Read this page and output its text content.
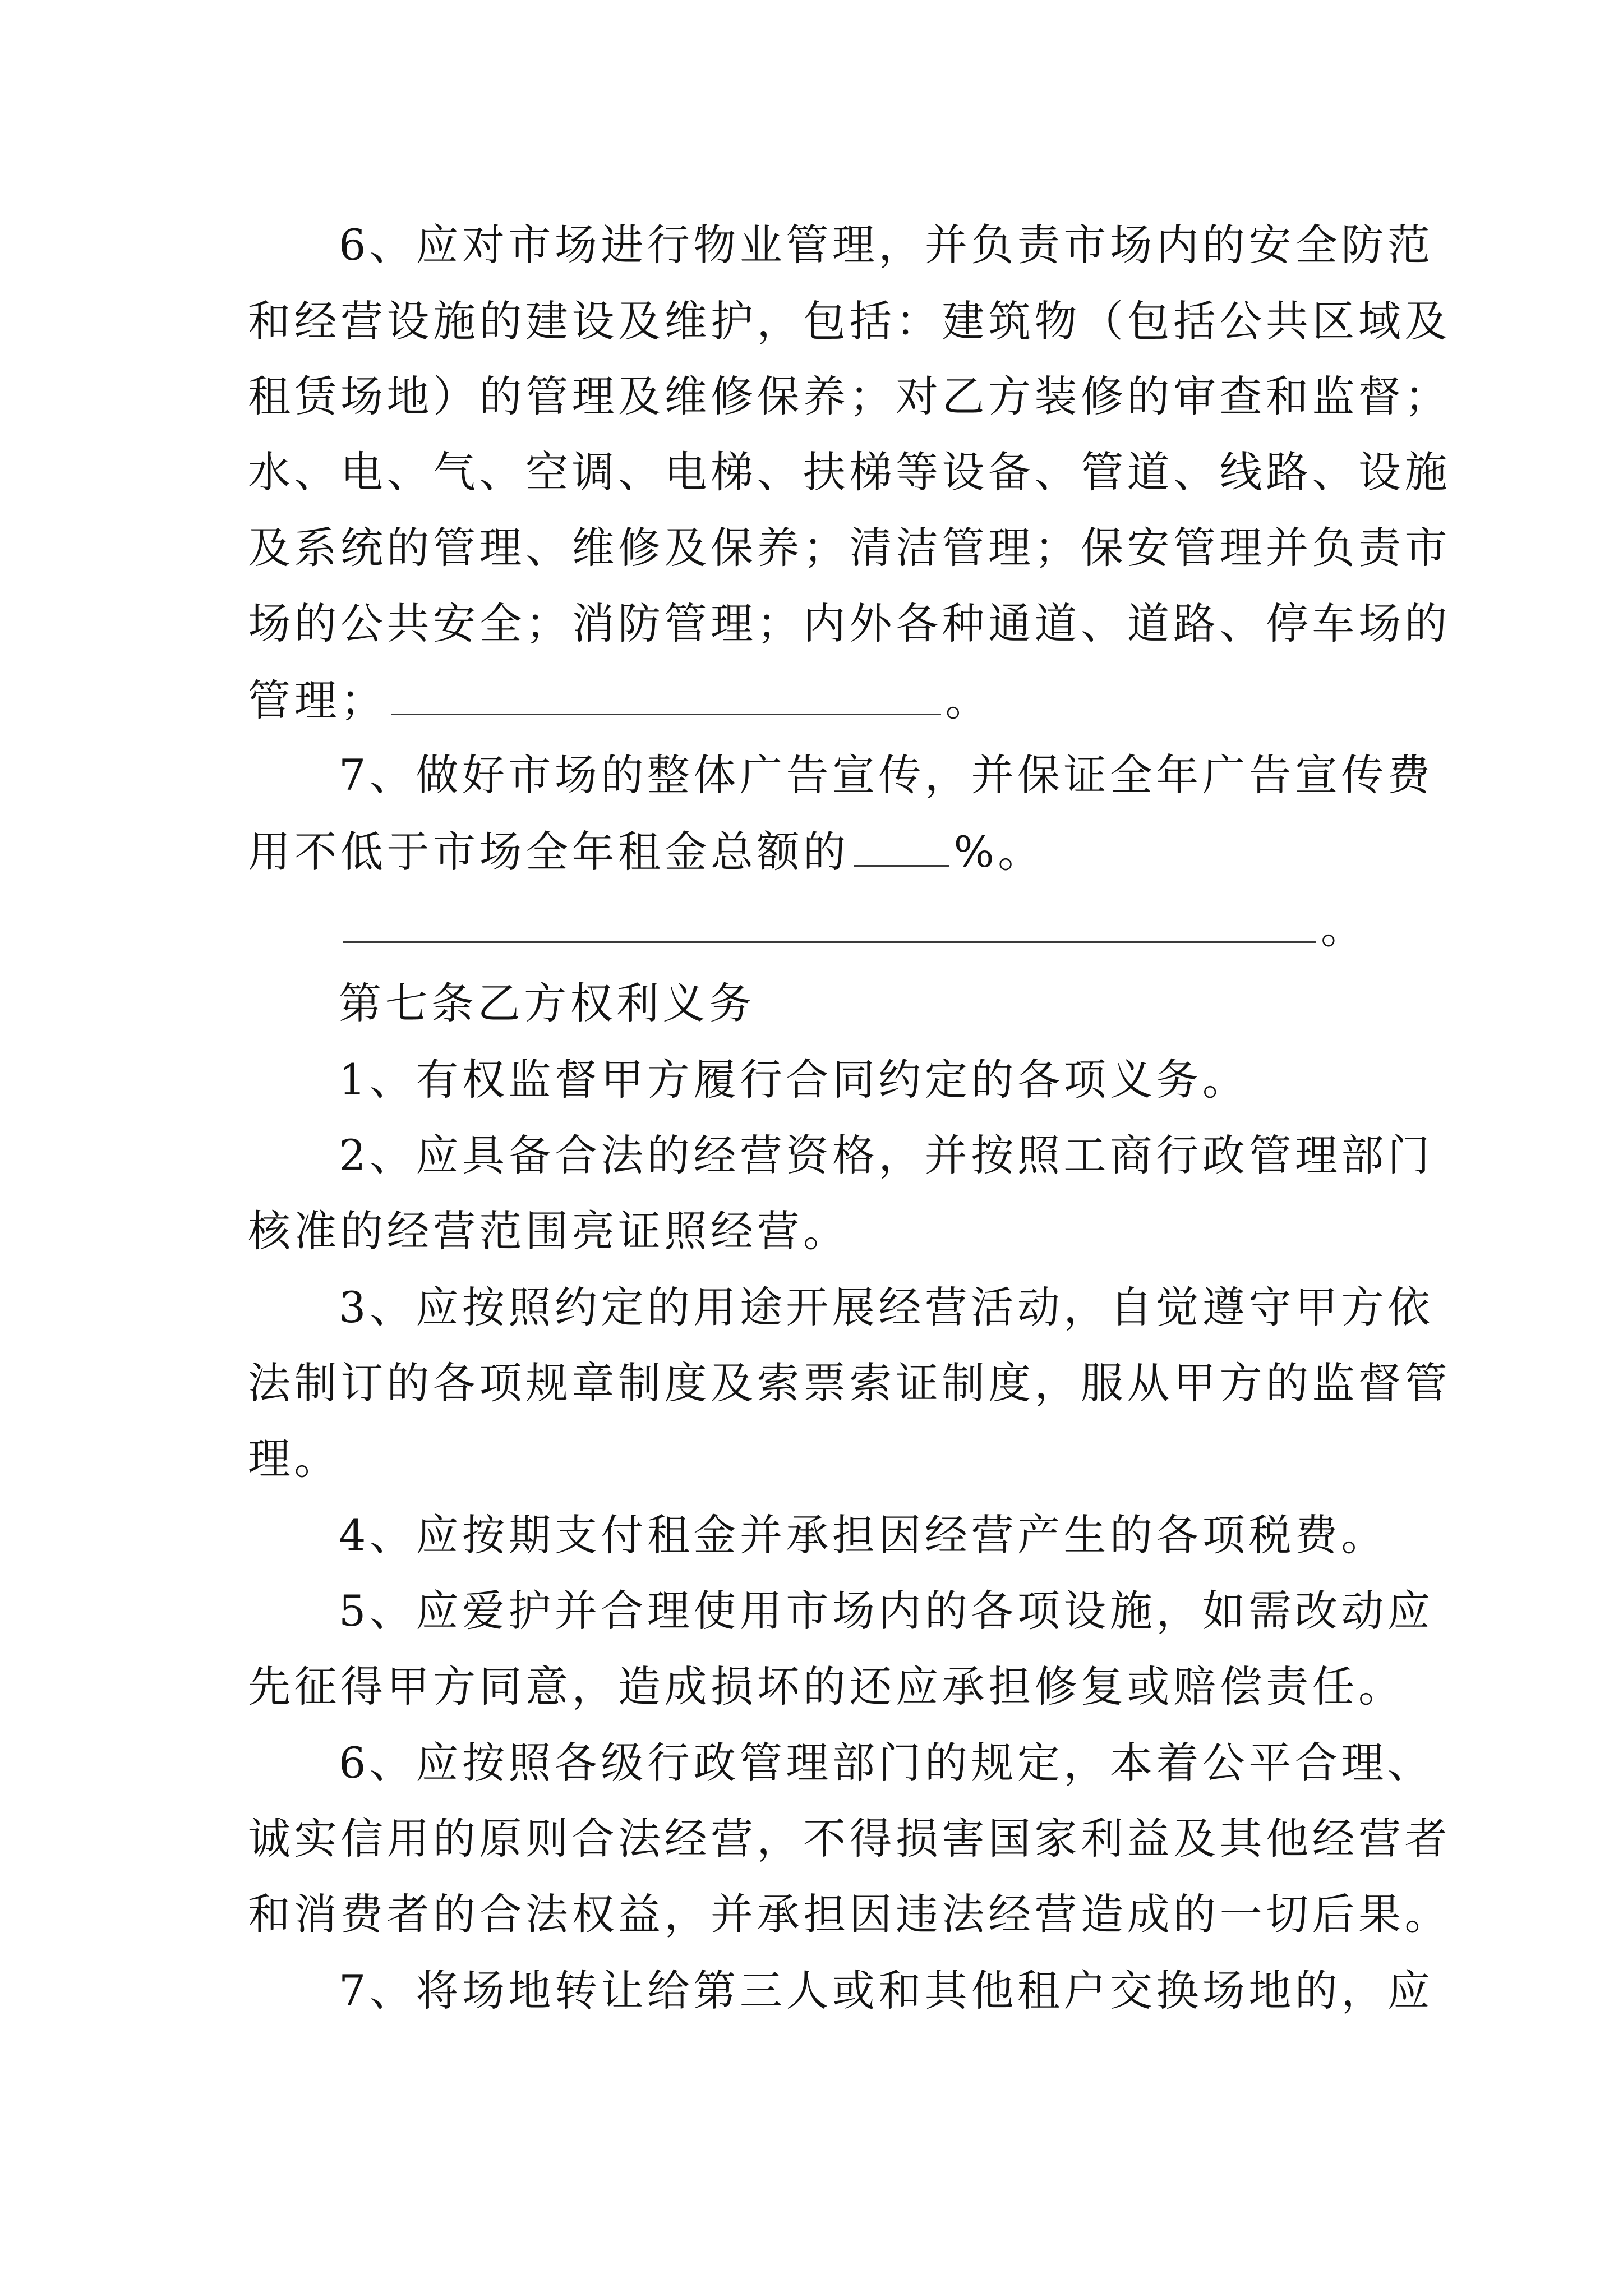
6、应对市场进行物业管理，并负责市场内的安全防范

和经营设施的建设及维护，包括：建筑物（包括公共区域及

租赁场地）的管理及维修保养；对乙方装修的审查和监督；

水、电、气、空调、电梯、扶梯等设备、管道、线路、设施

及系统的管理、维修及保养；清洁管理；保安管理并负责市

场的公共安全；消防管理；内外各种通道、道路、停车场的

管理；	。

7、做好市场的整体广告宣传，并保证全年广告宣传费

用不低于市场全年租金总额的 %。

。

第七条乙方权利义务

1、有权监督甲方履行合同约定的各项义务。

2、应具备合法的经营资格，并按照工商行政管理部门

核准的经营范围亮证照经营。

3、应按照约定的用途开展经营活动，自觉遵守甲方依

法制订的各项规章制度及索票索证制度，服从甲方的监督管

理。

4、应按期支付租金并承担因经营产生的各项税费。

5、应爱护并合理使用市场内的各项设施，如需改动应

先征得甲方同意，造成损坏的还应承担修复或赔偿责任。

6、应按照各级行政管理部门的规定，本着公平合理、

诚实信用的原则合法经营，不得损害国家利益及其他经营者

和消费者的合法权益，并承担因违法经营造成的一切后果。

7、将场地转让给第三人或和其他租户交换场地的，应
